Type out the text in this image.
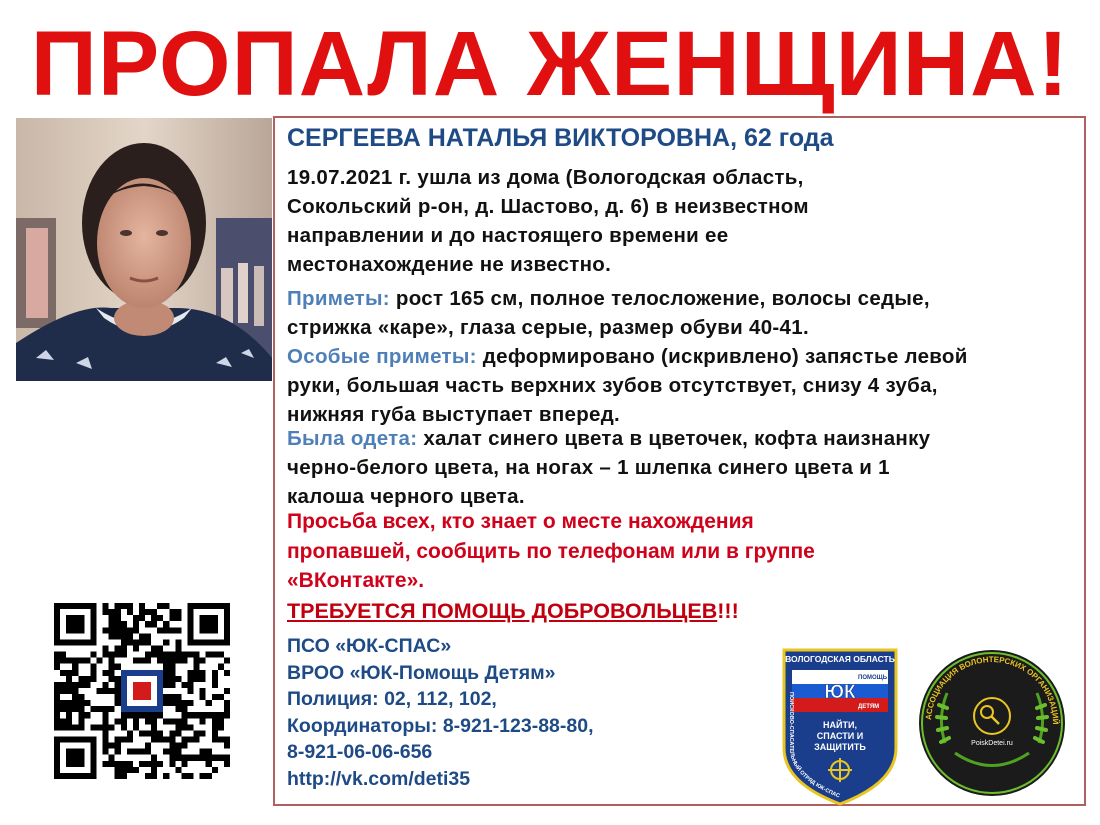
ПРОПАЛА ЖЕНЩИНА!
СЕРГЕЕВА НАТАЛЬЯ ВИКТОРОВНА, 62 года
19.07.2021 г. ушла из дома (Вологодская область,
Сокольский р-он, д. Шастово, д. 6) в неизвестном
направлении и до настоящего времени ее
местонахождение не известно.
Приметы: рост 165 см, полное телосложение, волосы седые,
стрижка «каре», глаза серые, размер обуви 40-41.
Особые приметы: деформировано (искривлено) запястье левой
руки, большая часть верхних зубов отсутствует, снизу 4 зуба,
нижняя губа выступает вперед.
Была одета: халат синего цвета в цветочек, кофта наизнанку
черно-белого цвета, на ногах – 1 шлепка синего цвета и 1
калоша черного цвета.
Просьба всех, кто знает о месте нахождения
пропавшей, сообщить по телефонам или в группе
«ВКонтакте».
ТРЕБУЕТСЯ ПОМОЩЬ ДОБРОВОЛЬЦЕВ!!!
ПСО «ЮК-СПАС»
ВРОО «ЮК-Помощь Детям»
Полиция: 02, 112, 102,
Координаторы: 8-921-123-88-80,
8-921-06-06-656
http://vk.com/deti35
ВОЛОГОДСКАЯ ОБЛАСТЬ
ПОМОЩЬ
ЮК
ДЕТЯМ
НАЙТИ,
СПАСТИ И
ЗАЩИТИТЬ
ПОИСКОВО-СПАСАТЕЛЬНЫЙ ОТРЯД ЮК-СПАС
PoiskDetei.ru
АССОЦИАЦИЯ ВОЛОНТЕРСКИХ ОРГАНИЗАЦИЙ
